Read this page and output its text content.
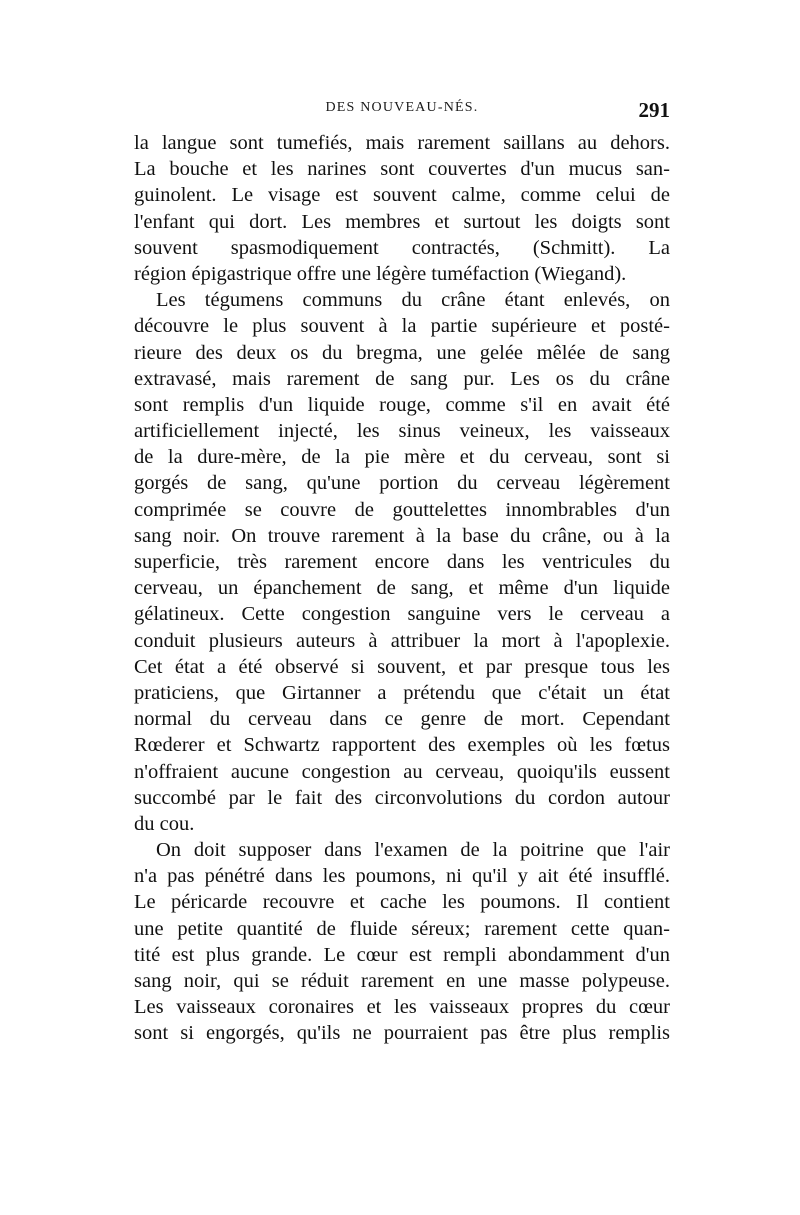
DES NOUVEAU-NÉS.	291
la langue sont tumefiés, mais rarement saillans au dehors.
La bouche et les narines sont couvertes d'un mucus san-
guinolent. Le visage est souvent calme, comme celui de
l'enfant qui dort. Les membres et surtout les doigts sont
souvent spasmodiquement contractés, (Schmitt). La
région épigastrique offre une légère tuméfaction (Wiegand).
Les tégumens communs du crâne étant enlevés, on
découvre le plus souvent à la partie supérieure et posté-
rieure des deux os du bregma, une gelée mêlée de sang
extravasé, mais rarement de sang pur. Les os du crâne
sont remplis d'un liquide rouge, comme s'il en avait été
artificiellement injecté, les sinus veineux, les vaisseaux
de la dure-mère, de la pie mère et du cerveau, sont si
gorgés de sang, qu'une portion du cerveau légèrement
comprimée se couvre de gouttelettes innombrables d'un
sang noir. On trouve rarement à la base du crâne, ou à la
superficie, très rarement encore dans les ventricules du
cerveau, un épanchement de sang, et même d'un liquide
gélatineux. Cette congestion sanguine vers le cerveau a
conduit plusieurs auteurs à attribuer la mort à l'apoplexie.
Cet état a été observé si souvent, et par presque tous les
praticiens, que Girtanner a prétendu que c'était un état
normal du cerveau dans ce genre de mort. Cependant
Rœderer et Schwartz rapportent des exemples où les fœtus
n'offraient aucune congestion au cerveau, quoiqu'ils eussent
succombé par le fait des circonvolutions du cordon autour
du cou.
On doit supposer dans l'examen de la poitrine que l'air
n'a pas pénétré dans les poumons, ni qu'il y ait été insufflé.
Le péricarde recouvre et cache les poumons. Il contient
une petite quantité de fluide séreux; rarement cette quan-
tité est plus grande. Le cœur est rempli abondamment d'un
sang noir, qui se réduit rarement en une masse polypeuse.
Les vaisseaux coronaires et les vaisseaux propres du cœur
sont si engorgés, qu'ils ne pourraient pas être plus remplis
